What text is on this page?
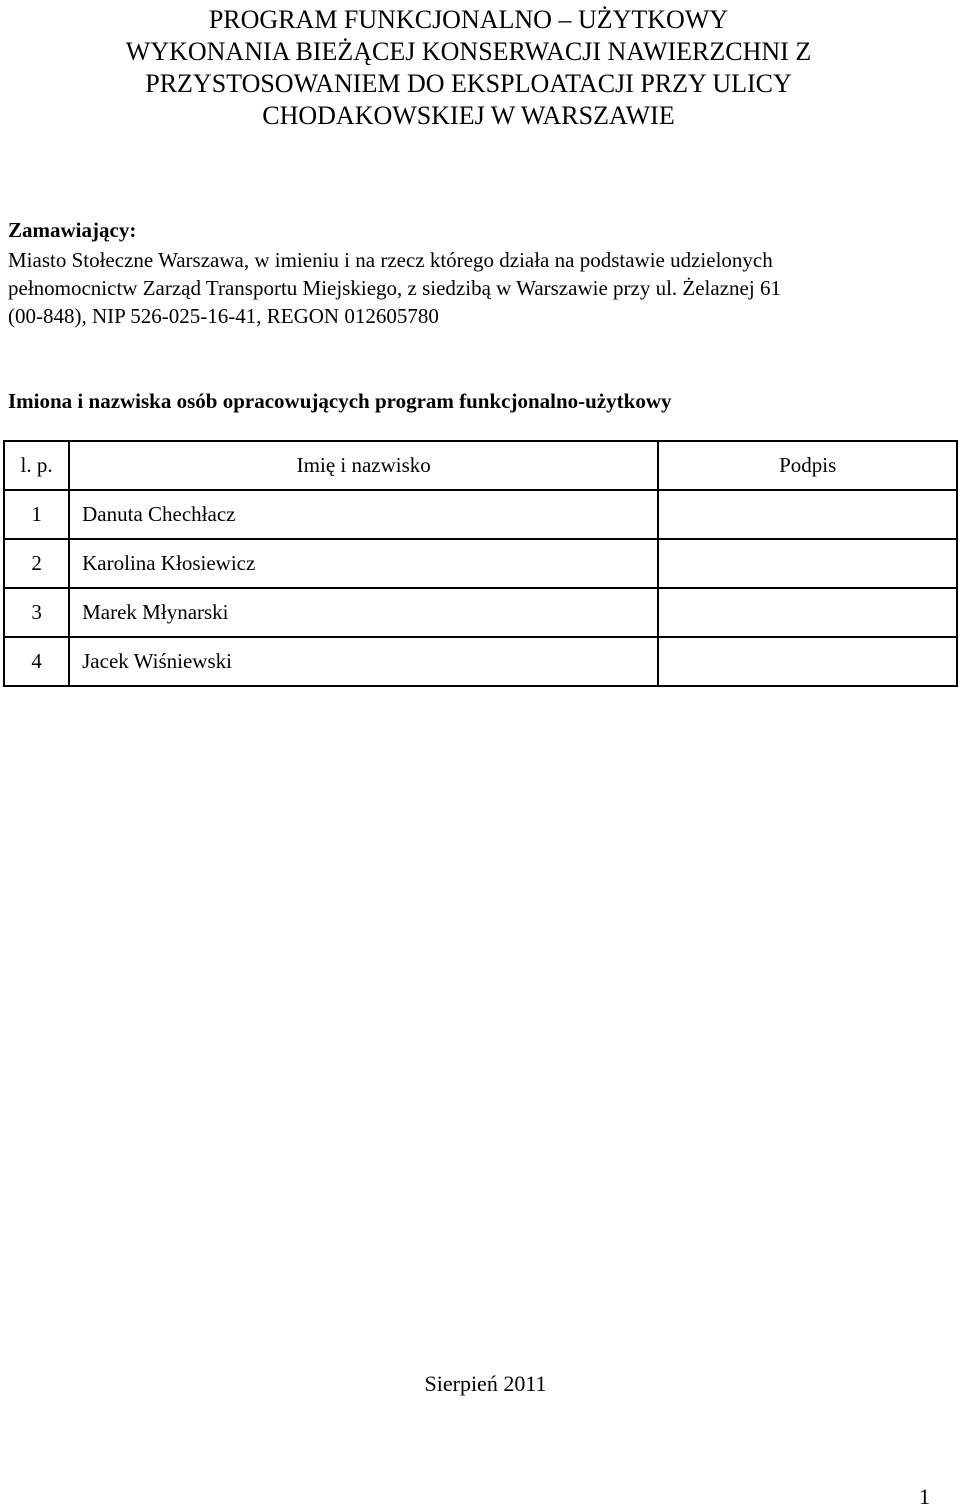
PROGRAM FUNKCJONALNO – UŻYTKOWY
WYKONANIA BIEŻĄCEJ KONSERWACJI NAWIERZCHNI Z
PRZYSTOSOWANIEM DO EKSPLOATACJI PRZY ULICY
CHODAKOWSKIEJ W WARSZAWIE
Zamawiający:
Miasto Stołeczne Warszawa, w imieniu i na rzecz którego działa na podstawie udzielonych
pełnomocnictw Zarząd Transportu Miejskiego, z siedzibą w Warszawie przy ul. Żelaznej 61
(00-848), NIP 526-025-16-41, REGON 012605780
Imiona i nazwiska osób opracowujących program funkcjonalno-użytkowy
l. p.	Imię i nazwisko	Podpis
1	Danuta Chechłacz	
2	Karolina Kłosiewicz	
3	Marek Młynarski	
4	Jacek Wiśniewski	
Sierpień 2011
1
